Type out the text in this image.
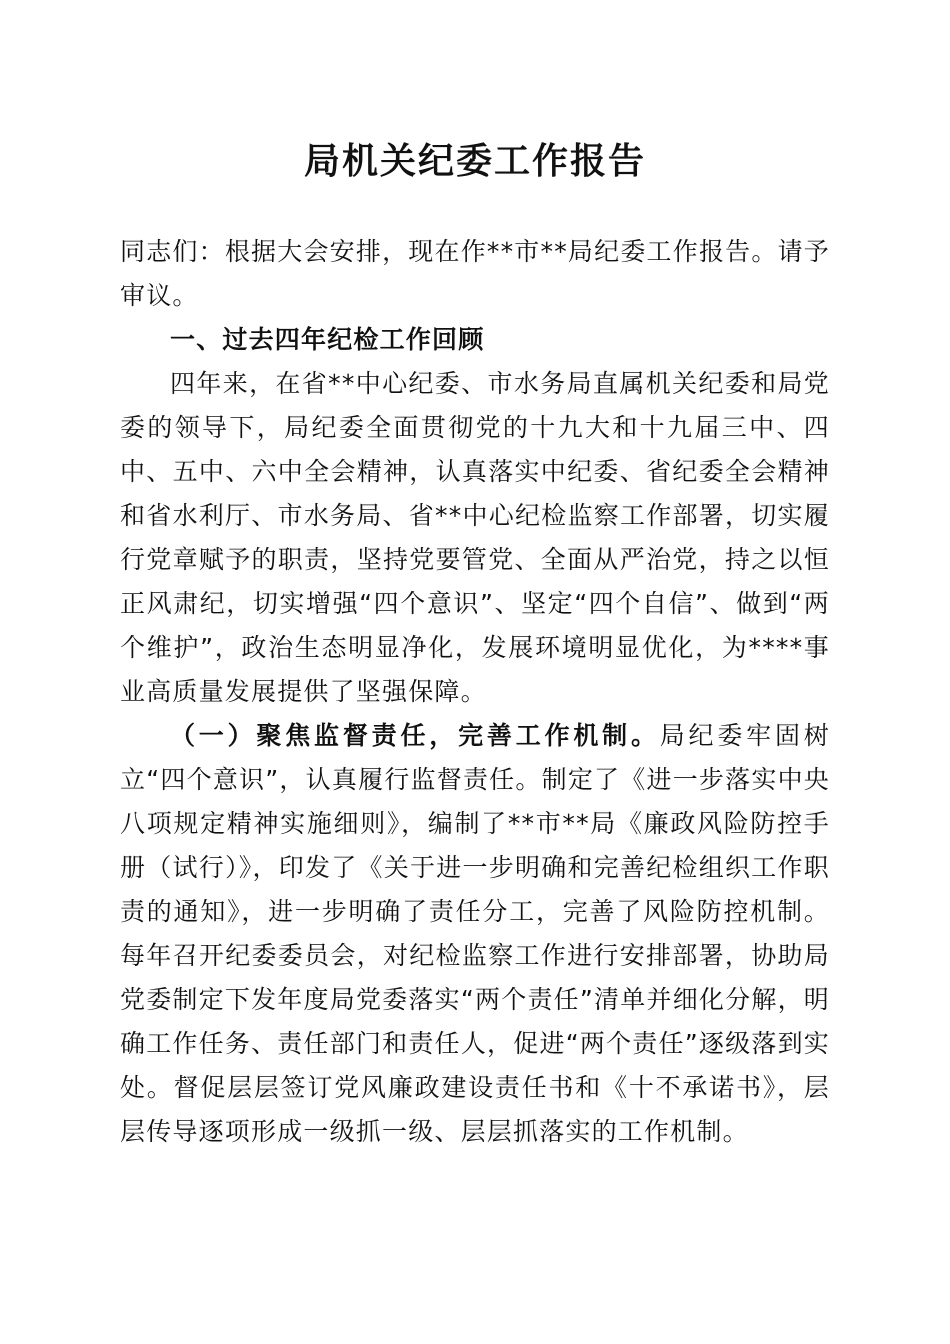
局机关纪委工作报告

同志们：根据大会安排，现在作**市**局纪委工作报告。请予审议。

一、过去四年纪检工作回顾

四年来，在省**中心纪委、市水务局直属机关纪委和局党委的领导下，局纪委全面贯彻党的十九大和十九届三中、四中、五中、六中全会精神，认真落实中纪委、省纪委全会精神和省水利厅、市水务局、省**中心纪检监察工作部署，切实履行党章赋予的职责，坚持党要管党、全面从严治党，持之以恒正风肃纪，切实增强“四个意识”、坚定“四个自信”、做到“两个维护”，政治生态明显净化，发展环境明显优化，为****事业高质量发展提供了坚强保障。

（一）聚焦监督责任，完善工作机制。局纪委牢固树立“四个意识”，认真履行监督责任。制定了《进一步落实中央八项规定精神实施细则》，编制了**市**局《廉政风险防控手册（试行）》，印发了《关于进一步明确和完善纪检组织工作职责的通知》，进一步明确了责任分工，完善了风险防控机制。每年召开纪委委员会，对纪检监察工作进行安排部署，协助局党委制定下发年度局党委落实“两个责任”清单并细化分解，明确工作任务、责任部门和责任人，促进“两个责任”逐级落到实处。督促层层签订党风廉政建设责任书和《十不承诺书》，层层传导逐项形成一级抓一级、层层抓落实的工作机制。
